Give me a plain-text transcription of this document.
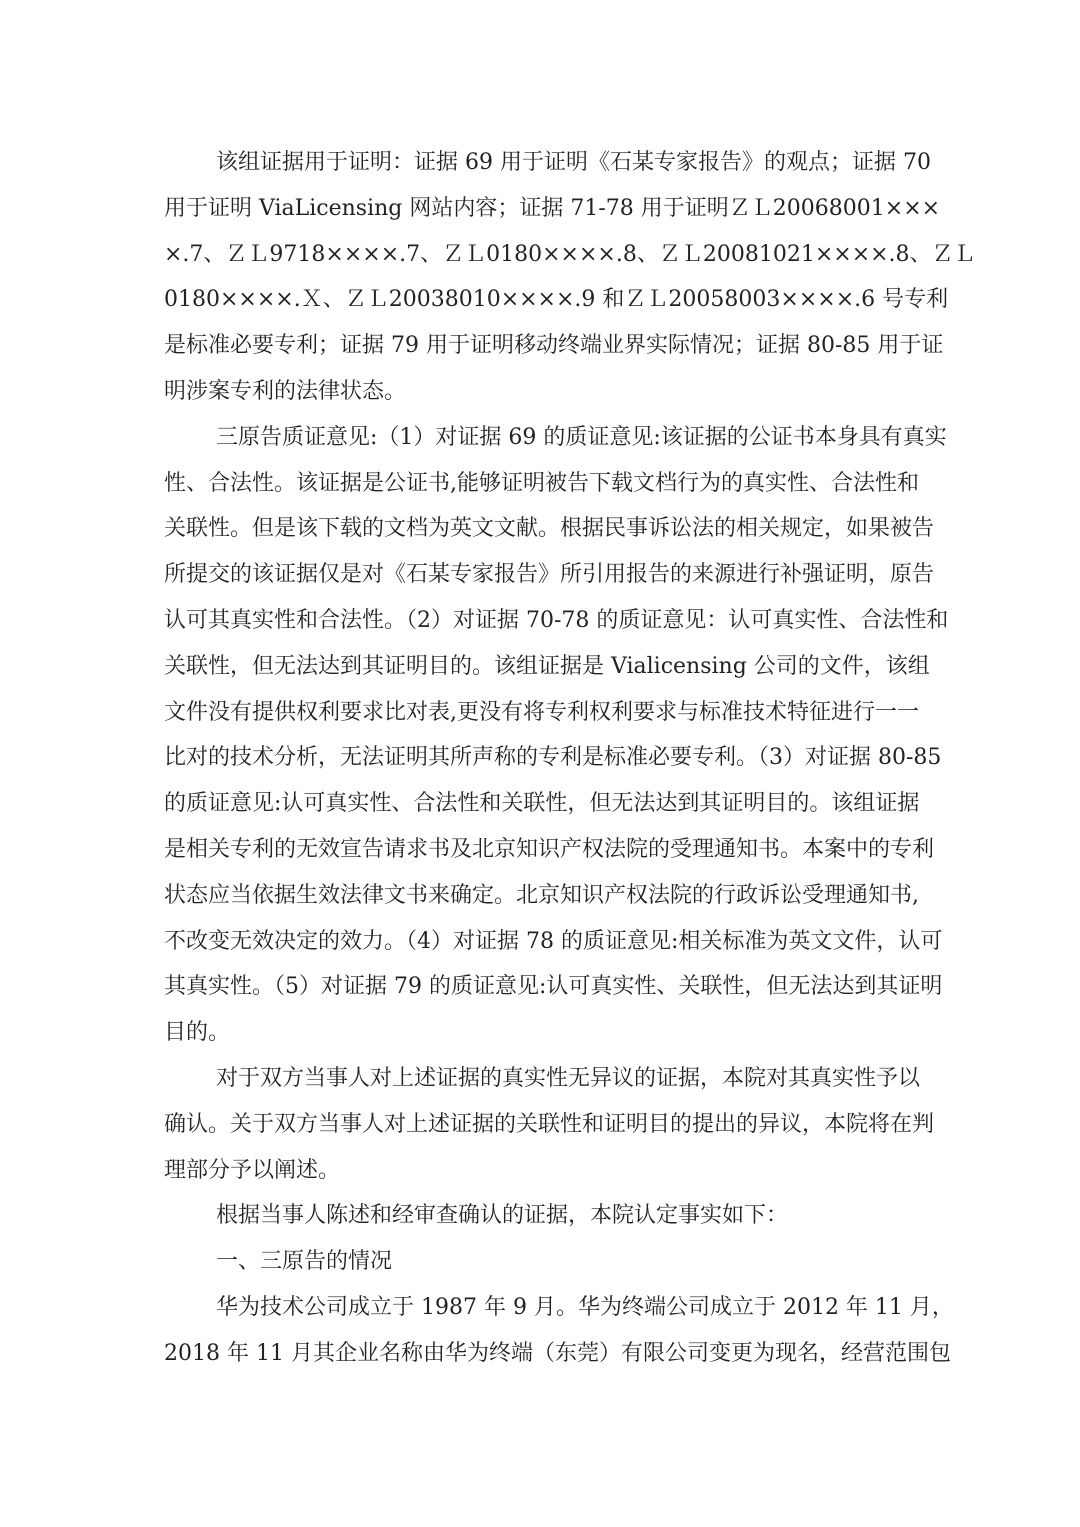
该组证据用于证明：证据 69 用于证明《石某专家报告》的观点；证据 70
用于证明 ViaLicensing 网站内容；证据 71-78 用于证明ＺＬ20068001×××
×.7、ＺＬ9718××××.7、ＺＬ0180××××.8、ＺＬ20081021××××.8、ＺＬ
0180××××.Ｘ、ＺＬ20038010××××.9 和ＺＬ20058003××××.6 号专利
是标准必要专利；证据 79 用于证明移动终端业界实际情况；证据 80-85 用于证
明涉案专利的法律状态。
三原告质证意见:（1）对证据 69 的质证意见:该证据的公证书本身具有真实
性、合法性。该证据是公证书,能够证明被告下载文档行为的真实性、合法性和
关联性。但是该下载的文档为英文文献。根据民事诉讼法的相关规定，如果被告
所提交的该证据仅是对《石某专家报告》所引用报告的来源进行补强证明，原告
认可其真实性和合法性。（2）对证据 70-78 的质证意见：认可真实性、合法性和
关联性，但无法达到其证明目的。该组证据是 Vialicensing 公司的文件，该组
文件没有提供权利要求比对表,更没有将专利权利要求与标准技术特征进行一一
比对的技术分析，无法证明其所声称的专利是标准必要专利。（3）对证据 80-85
的质证意见:认可真实性、合法性和关联性，但无法达到其证明目的。该组证据
是相关专利的无效宣告请求书及北京知识产权法院的受理通知书。本案中的专利
状态应当依据生效法律文书来确定。北京知识产权法院的行政诉讼受理通知书,
不改变无效决定的效力。（4）对证据 78 的质证意见:相关标准为英文文件，认可
其真实性。（5）对证据 79 的质证意见:认可真实性、关联性，但无法达到其证明
目的。
对于双方当事人对上述证据的真实性无异议的证据，本院对其真实性予以
确认。关于双方当事人对上述证据的关联性和证明目的提出的异议，本院将在判
理部分予以阐述。
根据当事人陈述和经审查确认的证据，本院认定事实如下：
一、三原告的情况
华为技术公司成立于 1987 年 9 月。华为终端公司成立于 2012 年 11 月，
2018 年 11 月其企业名称由华为终端（东莞）有限公司变更为现名，经营范围包
